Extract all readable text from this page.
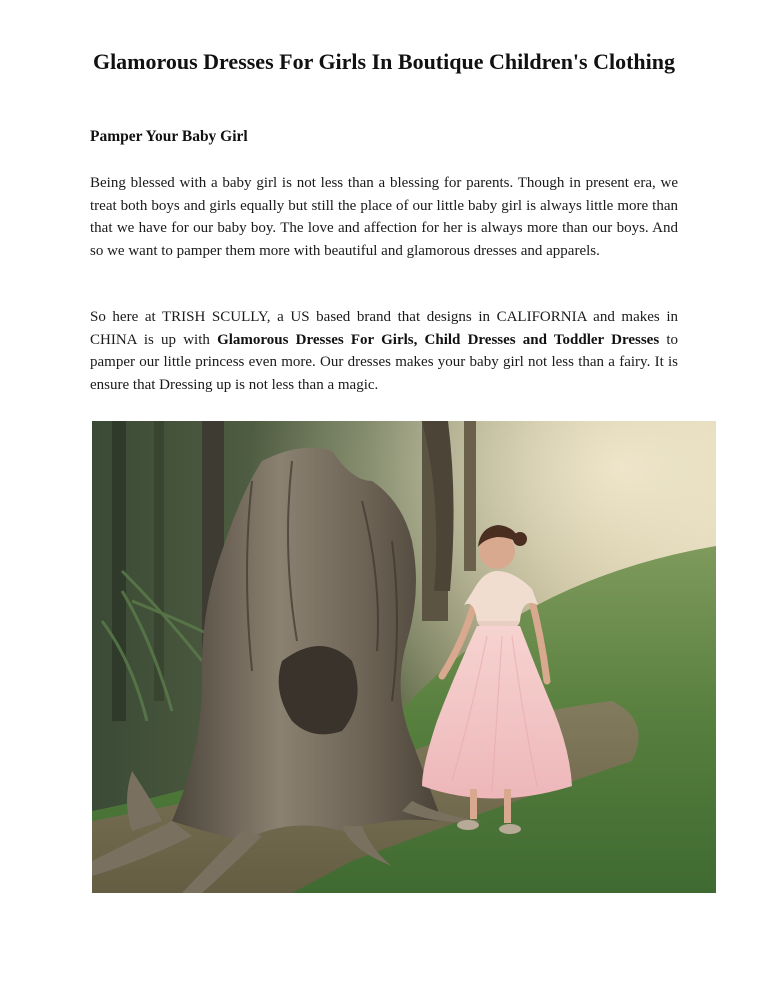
Glamorous Dresses For Girls In Boutique Children's Clothing
Pamper Your Baby Girl

Being blessed with a baby girl is not less than a blessing for parents. Though in present era, we treat both boys and girls equally but still the place of our little baby girl is always little more than that we have for our baby boy. The love and affection for her is always more than our boys. And so we want to pamper them more with beautiful and glamorous dresses and apparels.

So here at TRISH SCULLY, a US based brand that designs in CALIFORNIA and makes in CHINA is up with Glamorous Dresses For Girls, Child Dresses and Toddler Dresses to pamper our little princess even more. Our dresses makes your baby girl not less than a fairy. It is ensure that Dressing up is not less than a magic.
